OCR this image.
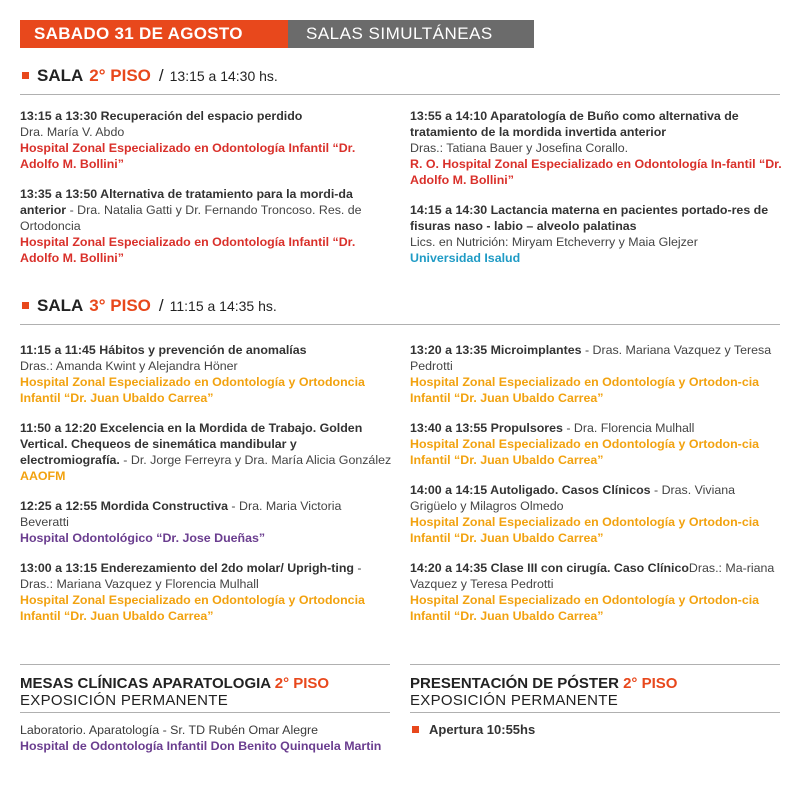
SABADO 31 DE AGOSTO	SALAS SIMULTÁNEAS
SALA 2° PISO / 13:15 a 14:30 hs.
13:15 a 13:30 Recuperación del espacio perdido
Dra. María V. Abdo
Hospital Zonal Especializado en Odontología Infantil “Dr. Adolfo M. Bollini”
13:35 a 13:50 Alternativa de tratamiento para la mordi-da anterior - Dra. Natalia Gatti y Dr. Fernando Troncoso. Res. de Ortodoncia
Hospital Zonal Especializado en Odontología Infantil “Dr. Adolfo M. Bollini”
13:55 a 14:10 Aparatología de Buño como alternativa de tratamiento de la mordida invertida anterior
Dras.: Tatiana Bauer y Josefina Corallo.
R. O. Hospital Zonal Especializado en Odontología In-fantil “Dr. Adolfo M. Bollini”
14:15 a 14:30 Lactancia materna en pacientes portado-res de fisuras naso - labio – alveolo palatinas
Lics. en Nutrición: Miryam Etcheverry y Maia Glejzer
Universidad Isalud
SALA 3° PISO / 11:15 a 14:35 hs.
11:15 a 11:45 Hábitos y prevención de anomalías
Dras.: Amanda Kwint y Alejandra Höner
Hospital Zonal Especializado en Odontología y Ortodoncia Infantil “Dr. Juan Ubaldo Carrea”
11:50 a 12:20 Excelencia en la Mordida de Trabajo. Golden Vertical. Chequeos de sinemática mandibular y electromiografía. - Dr. Jorge Ferreyra y Dra. María Alicia González
AAOFM
12:25 a 12:55 Mordida Constructiva - Dra. Maria Victoria Beveratti
Hospital Odontológico “Dr. Jose Dueñas”
13:00 a 13:15 Enderezamiento del 2do molar/ Uprigh-ting - Dras.: Mariana Vazquez y Florencia Mulhall
Hospital Zonal Especializado en Odontología y Ortodoncia Infantil “Dr. Juan Ubaldo Carrea”
13:20 a 13:35 Microimplantes - Dras. Mariana Vazquez y Teresa Pedrotti
Hospital Zonal Especializado en Odontología y Ortodon-cia Infantil “Dr. Juan Ubaldo Carrea”
13:40 a 13:55 Propulsores - Dra. Florencia Mulhall
Hospital Zonal Especializado en Odontología y Ortodon-cia Infantil “Dr. Juan Ubaldo Carrea”
14:00 a 14:15 Autoligado. Casos Clínicos - Dras. Viviana Grigüelo y Milagros Olmedo
Hospital Zonal Especializado en Odontología y Ortodon-cia Infantil “Dr. Juan Ubaldo Carrea”
14:20 a 14:35 Clase III con cirugía. Caso ClínicoDras.: Ma-riana Vazquez y Teresa Pedrotti
Hospital Zonal Especializado en Odontología y Ortodon-cia Infantil “Dr. Juan Ubaldo Carrea”
MESAS CLÍNICAS APARATOLOGIA 2° PISO
EXPOSICIÓN PERMANENTE
Laboratorio. Aparatología - Sr. TD Rubén Omar Alegre
Hospital de Odontología Infantil Don Benito Quinquela Martin
PRESENTACIÓN DE PÓSTER 2° PISO
EXPOSICIÓN PERMANENTE
Apertura 10:55hs
